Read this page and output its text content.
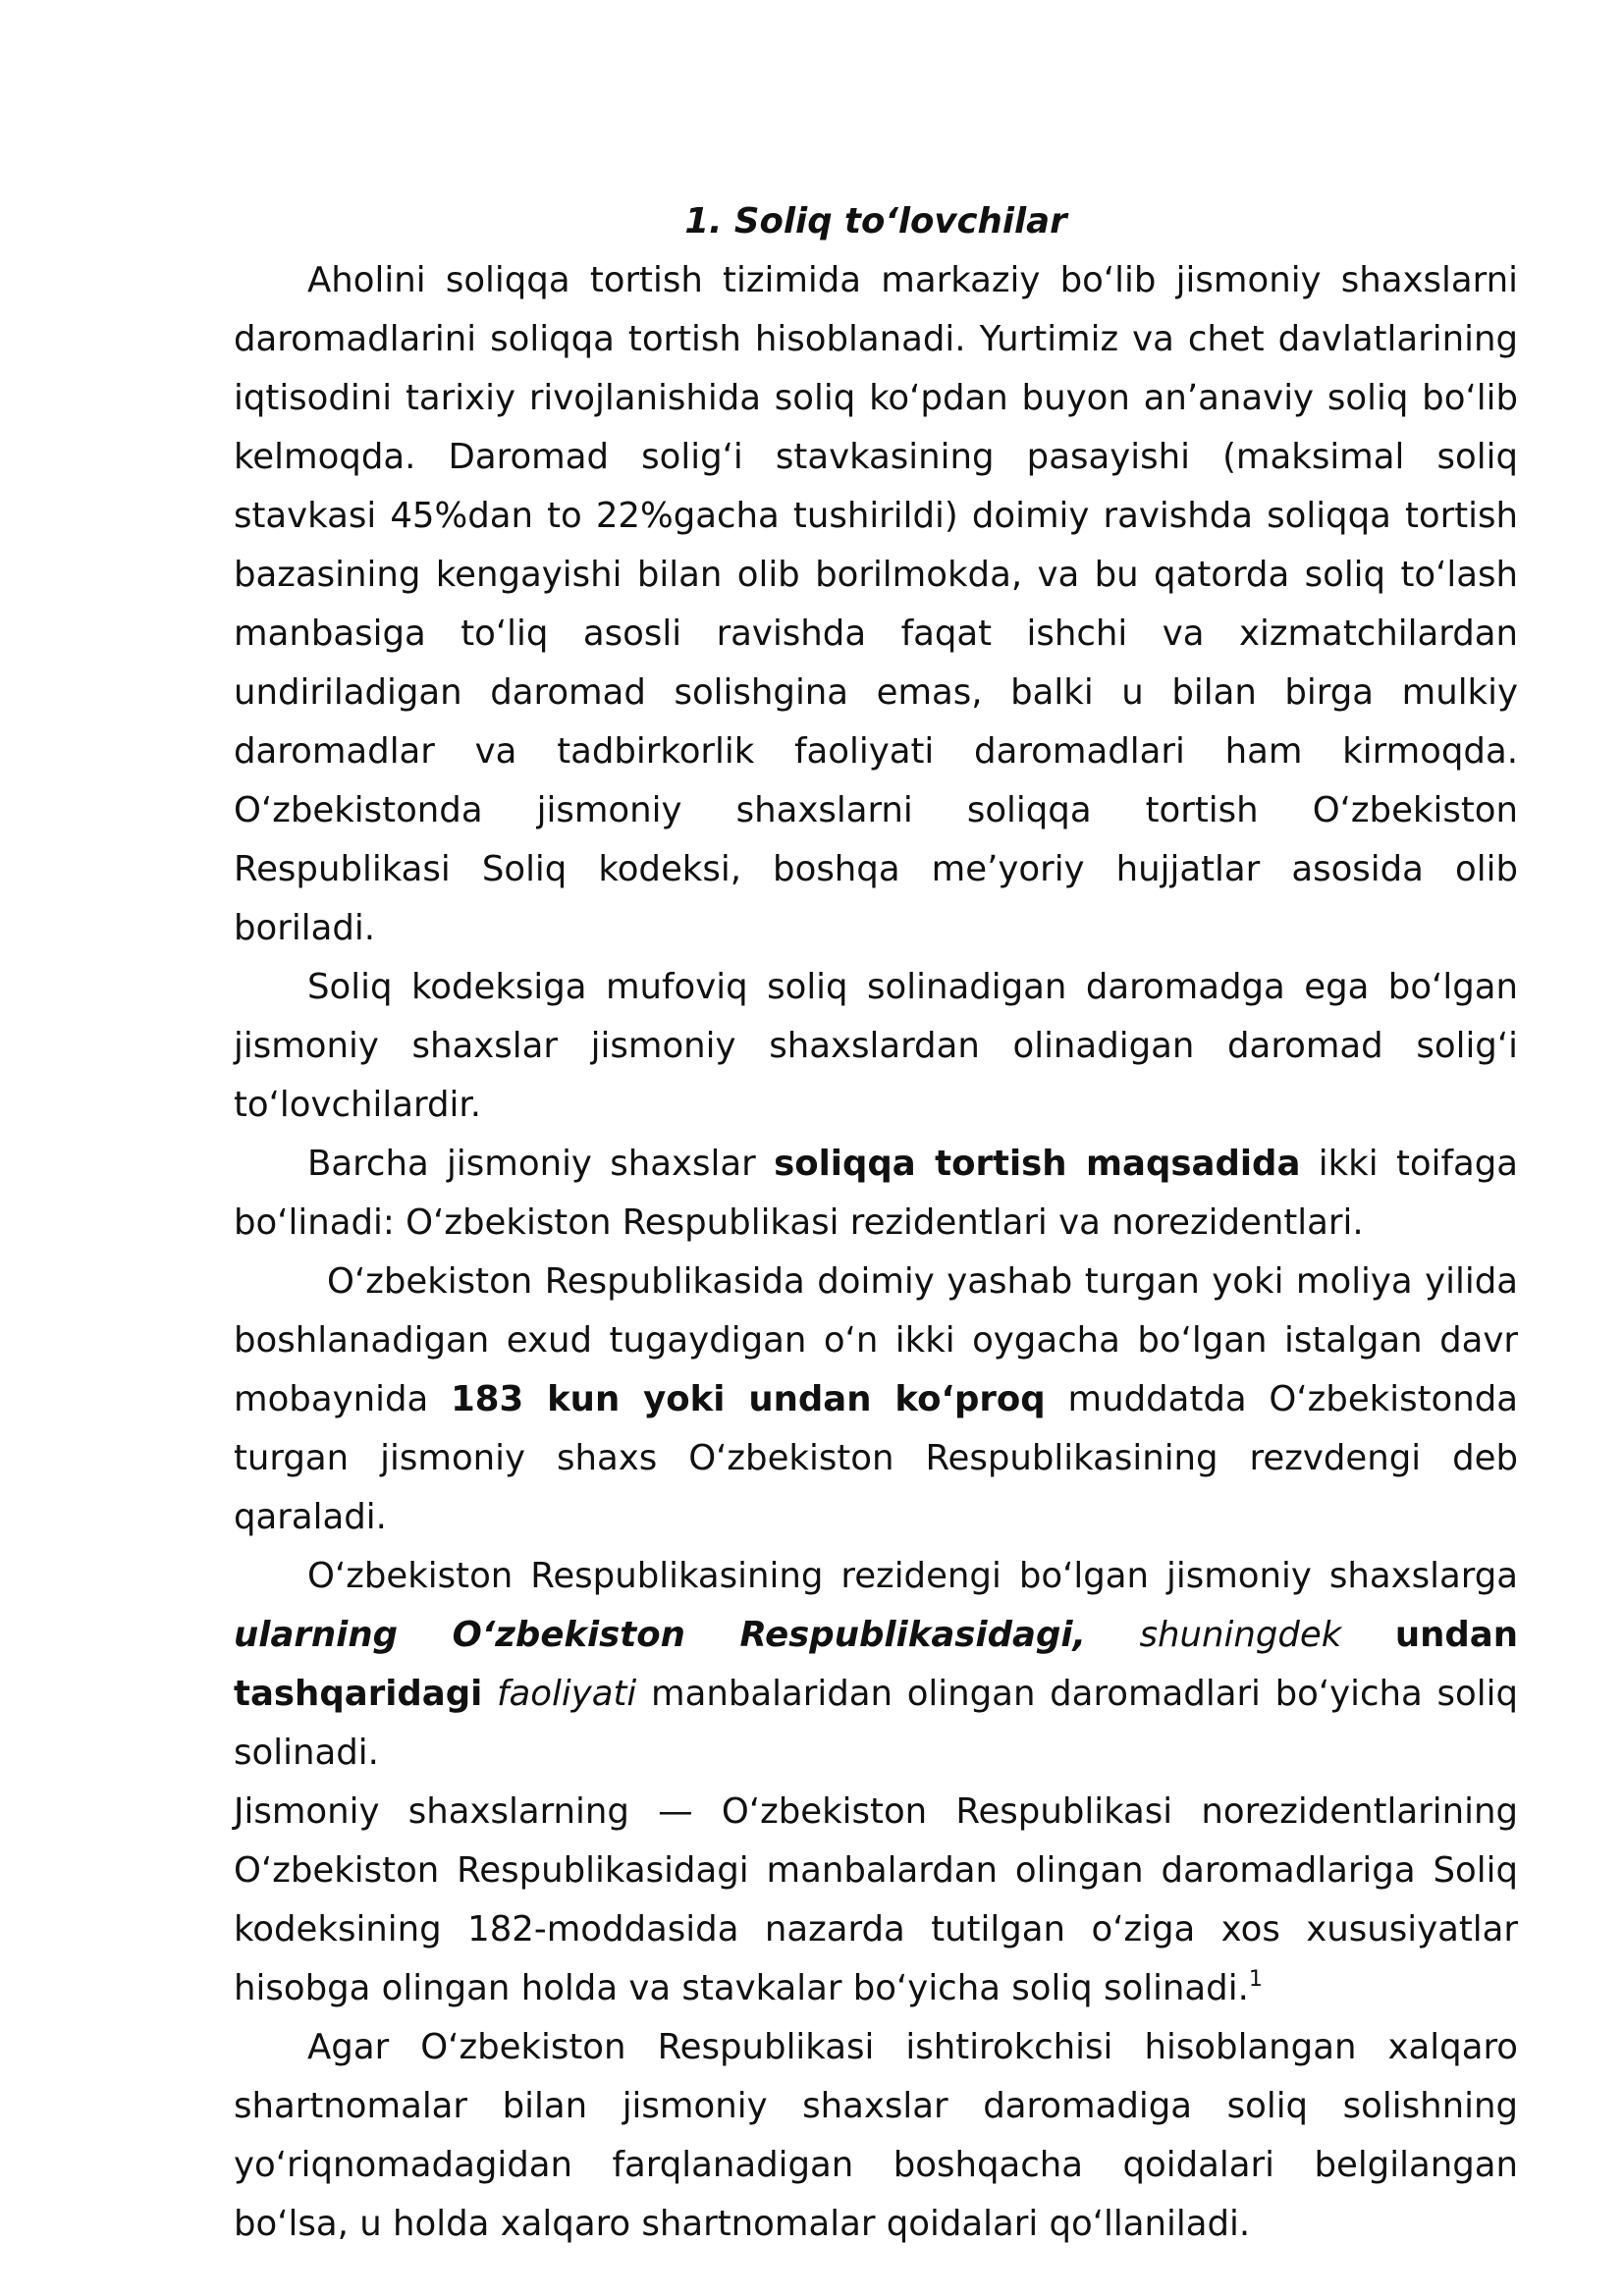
1. Soliq to‘lovchilar

Aholini soliqqa tortish tizimida markaziy bo‘lib jismoniy shaxslarni daromadlarini soliqqa tortish hisoblanadi. Yurtimiz va chet davlatlarining iqtisodini tarixiy rivojlanishida soliq ko‘pdan buyon an’anaviy soliq bo‘lib kelmoqda. Daromad solig‘i stavkasining pasayishi (maksimal soliq stavkasi 45%dan to 22%gacha tushirildi) doimiy ravishda soliqqa tortish bazasining kengayishi bilan olib borilmokda, va bu qatorda soliq to‘lash manbasiga to‘liq asosli ravishda faqat ishchi va xizmatchilardan undiriladigan daromad solishgina emas, balki u bilan birga mulkiy daromadlar va tadbirkorlik faoliyati daromadlari ham kirmoqda. O‘zbekistonda jismoniy shaxslarni soliqqa tortish O‘zbekiston Respublikasi Soliq kodeksi, boshqa me’yoriy hujjatlar asosida olib boriladi.

Soliq kodeksiga mufoviq soliq solinadigan daromadga ega bo‘lgan jismoniy shaxslar jismoniy shaxslardan olinadigan daromad solig‘i to‘lovchilardir.

Barcha jismoniy shaxslar soliqqa tortish maqsadida ikki toifaga bo‘linadi: O‘zbekiston Respublikasi rezidentlari va norezidentlari.

O‘zbekiston Respublikasida doimiy yashab turgan yoki moliya yilida boshlanadigan exud tugaydigan o‘n ikki oygacha bo‘lgan istalgan davr mobaynida 183 kun yoki undan ko‘proq muddatda O‘zbekistonda turgan jismoniy shaxs O‘zbekiston Respublikasining rezvdengi deb qaraladi.

O‘zbekiston Respublikasining rezidengi bo‘lgan jismoniy shaxslarga ularning O‘zbekiston Respublikasidagi, shuningdek undan tashqaridagi faoliyati manbalaridan olingan daromadlari bo‘yicha soliq solinadi.

Jismoniy shaxslarning — O‘zbekiston Respublikasi norezidentlarining O‘zbekiston Respublikasidagi manbalardan olingan daromadlariga Soliq kodeksining 182-moddasida nazarda tutilgan o‘ziga xos xususiyatlar hisobga olingan holda va stavkalar bo‘yicha soliq solinadi.$^1$

Agar O‘zbekiston Respublikasi ishtirokchisi hisoblangan xalqaro shartnomalar bilan jismoniy shaxslar daromadiga soliq solishning yo‘riqnomadagidan farqlanadigan boshqacha qoidalari belgilangan bo‘lsa, u holda xalqaro shartnomalar qoidalari qo‘llaniladi.
